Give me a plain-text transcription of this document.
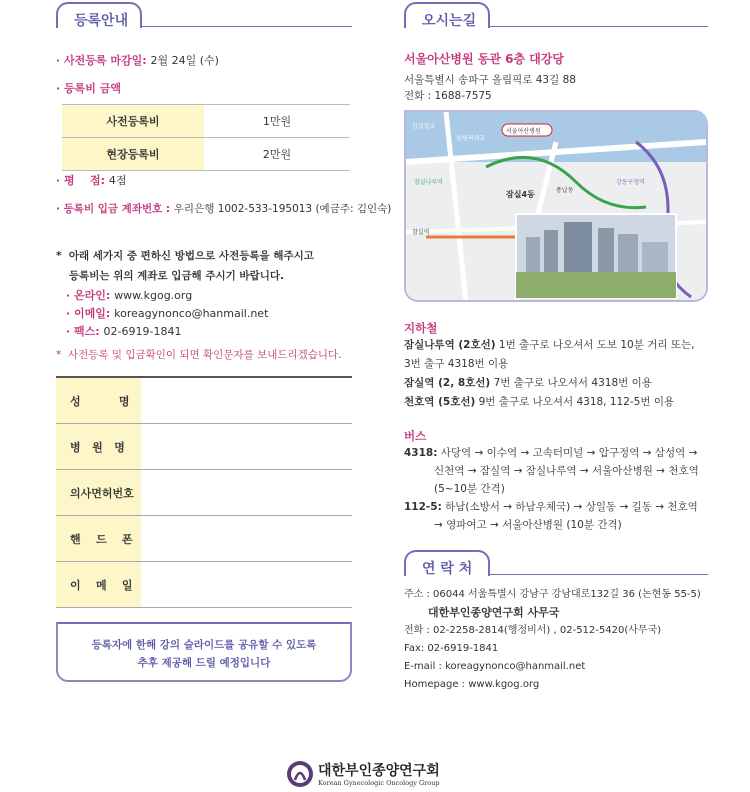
등록안내
· 사전등록 마감일: 2월 24일 (수)
· 등록비 금액
사전등록비	1만원
현장등록비	2만원
· 평    점: 4점
· 등록비 입금 계좌번호 : 우리은행 1002-533-195013 (예금주: 김인숙)
*  아래 세가지 중 편하신 방법으로 사전등록을 해주시고
등록비는 위의 계좌로 입금해 주시기 바랍니다.
· 온라인: www.kgog.org
· 이메일: koreagynonco@hanmail.net
· 팩스: 02-6919-1841
*  사전등록 및 입금확인이 되면 확인문자를 보내드리겠습니다.
성          명	
병   원   명	
의사면허번호	
핸    드    폰	
이    메    일	
등록자에 한해 강의 슬라이드를 공유할 수 있도록
추후 제공해 드릴 예정입니다
오시는길
서울아산병원 동관 6층 대강당
서울특별시 송파구 올림픽로 43길 88
전화 : 1688-7575
서울아산병원
잠실철교
올림픽대교
잠실나루역
풍납동
강동구청역
잠실4동
잠실역
지하철
잠실나루역 (2호선) 1번 출구로 나오셔서 도보 10분 거리 또는,
3번 출구 4318번 이용
잠실역 (2, 8호선) 7번 출구로 나오셔서 4318번 이용
천호역 (5호선) 9번 출구로 나오셔서 4318, 112-5번 이용
버스
4318: 사당역 → 이수역 → 고속터미널 → 압구정역 → 삼성역 →
신천역 → 잠실역 → 잠실나루역 → 서울아산병원 → 천호역
(5~10분 간격)
112-5: 하남(소방서 → 하남우체국) → 상일동 → 길동 → 천호역
→ 영파여고 → 서울아산병원 (10분 간격)
연 락 처
주소 : 06044 서울특별시 강남구 강남대로132길 36 (논현동 55-5)
대한부인종양연구회 사무국
전화 : 02-2258-2814(행정비서) , 02-512-5420(사무국)
Fax: 02-6919-1841
E-mail : koreagynonco@hanmail.net
Homepage : www.kgog.org
대한부인종양연구회
Korean Gynecologic Oncology Group
